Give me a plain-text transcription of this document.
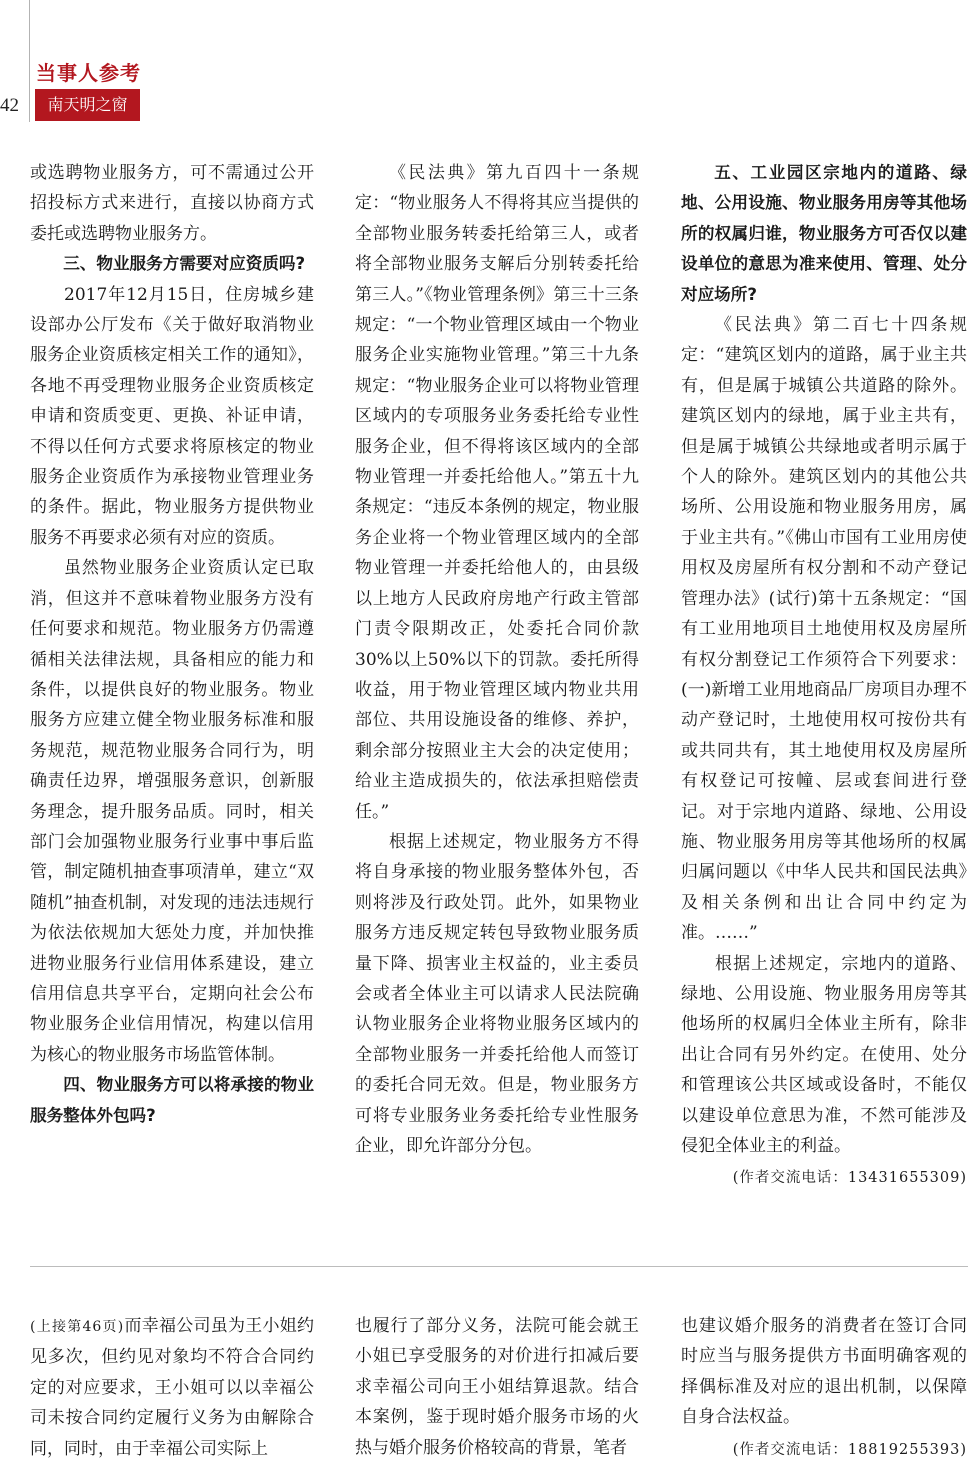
42
当事人参考
南天明之窗

或选聘物业服务方，可不需通过公开招投标方式来进行，直接以协商方式委托或选聘物业服务方。

三、物业服务方需要对应资质吗?

2017年12月15日，住房城乡建设部办公厅发布《关于做好取消物业服务企业资质核定相关工作的通知》，各地不再受理物业服务企业资质核定申请和资质变更、更换、补证申请，不得以任何方式要求将原核定的物业服务企业资质作为承接物业管理业务的条件。据此，物业服务方提供物业服务不再要求必须有对应的资质。

虽然物业服务企业资质认定已取消，但这并不意味着物业服务方没有任何要求和规范。物业服务方仍需遵循相关法律法规，具备相应的能力和条件，以提供良好的物业服务。物业服务方应建立健全物业服务标准和服务规范，规范物业服务合同行为，明确责任边界，增强服务意识，创新服务理念，提升服务品质。同时，相关部门会加强物业服务行业事中事后监管，制定随机抽查事项清单，建立“双随机”抽查机制，对发现的违法违规行为依法依规加大惩处力度，并加快推进物业服务行业信用体系建设，建立信用信息共享平台，定期向社会公布物业服务企业信用情况，构建以信用为核心的物业服务市场监管体制。

四、物业服务方可以将承接的物业服务整体外包吗?

《民法典》第九百四十一条规定：“物业服务人不得将其应当提供的全部物业服务转委托给第三人，或者将全部物业服务支解后分别转委托给第三人。”《物业管理条例》第三十三条规定：“一个物业管理区域由一个物业服务企业实施物业管理。”第三十九条规定：“物业服务企业可以将物业管理区域内的专项服务业务委托给专业性服务企业，但不得将该区域内的全部物业管理一并委托给他人。”第五十九条规定：“违反本条例的规定，物业服务企业将一个物业管理区域内的全部物业管理一并委托给他人的，由县级以上地方人民政府房地产行政主管部门责令限期改正，处委托合同价款30%以上50%以下的罚款。委托所得收益，用于物业管理区域内物业共用部位、共用设施设备的维修、养护，剩余部分按照业主大会的决定使用；给业主造成损失的，依法承担赔偿责任。”

根据上述规定，物业服务方不得将自身承接的物业服务整体外包，否则将涉及行政处罚。此外，如果物业服务方违反规定转包导致物业服务质量下降、损害业主权益的，业主委员会或者全体业主可以请求人民法院确认物业服务企业将物业服务区域内的全部物业服务一并委托给他人而签订的委托合同无效。但是，物业服务方可将专业服务业务委托给专业性服务企业，即允许部分分包。

五、工业园区宗地内的道路、绿地、公用设施、物业服务用房等其他场所的权属归谁，物业服务方可否仅以建设单位的意思为准来使用、管理、处分对应场所?

《民法典》第二百七十四条规定：“建筑区划内的道路，属于业主共有，但是属于城镇公共道路的除外。建筑区划内的绿地，属于业主共有，但是属于城镇公共绿地或者明示属于个人的除外。建筑区划内的其他公共场所、公用设施和物业服务用房，属于业主共有。”《佛山市国有工业用房使用权及房屋所有权分割和不动产登记管理办法》(试行)第十五条规定：“国有工业用地项目土地使用权及房屋所有权分割登记工作须符合下列要求：(一)新增工业用地商品厂房项目办理不动产登记时，土地使用权可按份共有或共同共有，其土地使用权及房屋所有权登记可按幢、层或套间进行登记。对于宗地内道路、绿地、公用设施、物业服务用房等其他场所的权属归属问题以《中华人民共和国民法典》及相关条例和出让合同中约定为准。……”

根据上述规定，宗地内的道路、绿地、公用设施、物业服务用房等其他场所的权属归全体业主所有，除非出让合同有另外约定。在使用、处分和管理该公共区域或设备时，不能仅以建设单位意思为准，不然可能涉及侵犯全体业主的利益。

(作者交流电话：13431655309)

(上接第46页)而幸福公司虽为王小姐约见多次，但约见对象均不符合合同约定的对应要求，王小姐可以以幸福公司未按合同约定履行义务为由解除合同，同时，由于幸福公司实际上

也履行了部分义务，法院可能会就王小姐已享受服务的对价进行扣减后要求幸福公司向王小姐结算退款。结合本案例，鉴于现时婚介服务市场的火热与婚介服务价格较高的背景，笔者

也建议婚介服务的消费者在签订合同时应当与服务提供方书面明确客观的择偶标准及对应的退出机制，以保障自身合法权益。

(作者交流电话：18819255393)
